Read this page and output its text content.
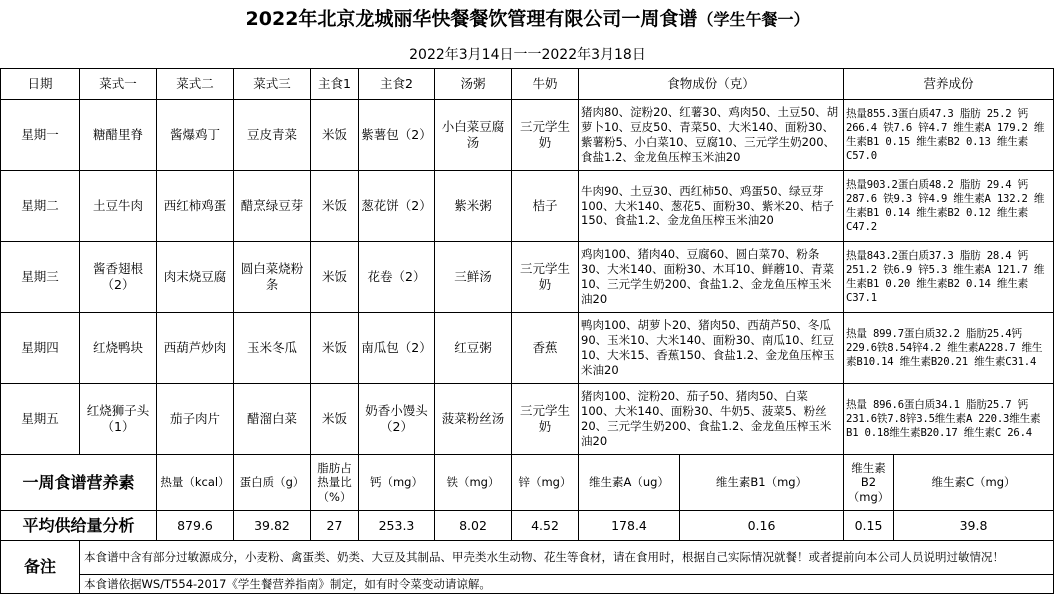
2022年北京龙城丽华快餐餐饮管理有限公司一周食谱（学生午餐一）
2022年3月14日一一2022年3月18日
日期	菜式一	菜式二	菜式三	主食1	主食2	汤粥	牛奶	食物成份（克）		营养成份	
星期一	糖醋里脊	酱爆鸡丁	豆皮青菜	米饭	紫薯包（2）	小白菜豆腐汤	三元学生奶	猪肉80、淀粉20、红薯30、鸡肉50、土豆50、胡萝卜10、豆皮50、青菜50、大米140、面粉30、紫薯粉5、小白菜10、豆腐10、三元学生奶200、食盐1.2、金龙鱼压榨玉米油20		热量855.3蛋白质47.3 脂肪 25.2 钙266.4 铁7.6 锌4.7 维生素A 179.2 维生素B1 0.15 维生素B2 0.13 维生素C57.0	
星期二	土豆牛肉	西红柿鸡蛋	醋烹绿豆芽	米饭	葱花饼（2）	紫米粥	桔子	牛肉90、土豆30、西红柿50、鸡蛋50、绿豆芽100、大米140、葱花5、面粉30、紫米20、桔子150、食盐1.2、金龙鱼压榨玉米油20		热量903.2蛋白质48.2 脂肪 29.4 钙287.6 铁9.3 锌4.9 维生素A 132.2 维生素B1 0.14 维生素B2 0.12 维生素C47.2	
星期三	酱香翅根（2）	肉末烧豆腐	圆白菜烧粉条	米饭	花卷（2）	三鲜汤	三元学生奶	鸡肉100、猪肉40、豆腐60、圆白菜70、粉条30、大米140、面粉30、木耳10、鲜蘑10、青菜10、三元学生奶200、食盐1.2、金龙鱼压榨玉米油20		热量843.2蛋白质37.3 脂肪 28.4 钙251.2 铁6.9 锌5.3 维生素A 121.7 维生素B1 0.20 维生素B2 0.14 维生素C37.1	
星期四	红烧鸭块	西葫芦炒肉	玉米冬瓜	米饭	南瓜包（2）	红豆粥	香蕉	鸭肉100、胡萝卜20、猪肉50、西葫芦50、冬瓜90、玉米10、大米140、面粉30、南瓜10、红豆10、大米15、香蕉150、食盐1.2、金龙鱼压榨玉米油20		热量 899.7蛋白质32.2 脂肪25.4钙229.6铁8.54锌4.2 维生素A228.7 维生素B10.14 维生素B20.21 维生素C31.4	
星期五	红烧狮子头（1）	茄子肉片	醋溜白菜	米饭	奶香小馒头（2）	菠菜粉丝汤	三元学生奶	猪肉100、淀粉20、茄子50、猪肉50、白菜100、大米140、面粉30、牛奶5、菠菜5、粉丝20、三元学生奶200、食盐1.2、金龙鱼压榨玉米油20		热量 896.6蛋白质34.1 脂肪25.7 钙231.6铁7.8锌3.5维生素A 220.3维生素B1 0.18维生素B20.17 维生素C 26.4	
一周食谱营养素		热量（kcal）	蛋白质（g）	脂肪占热量比（%）	钙（mg）	铁（mg）	锌（mg）	维生素A（ug）	维生素B1（mg）	维生素B2（mg）	维生素C（mg）
平均供给量分析		879.6	39.82	27	253.3	8.02	4.52	178.4	0.16	0.15	39.8
备注	本食谱中含有部分过敏源成分，小麦粉、禽蛋类、奶类、大豆及其制品、甲壳类水生动物、花生等食材，请在食用时，根据自己实际情况就餐！或者提前向本公司人员说明过敏情况！										
	本食谱依据WS/T554-2017《学生餐营养指南》制定，如有时令菜变动请谅解。										
